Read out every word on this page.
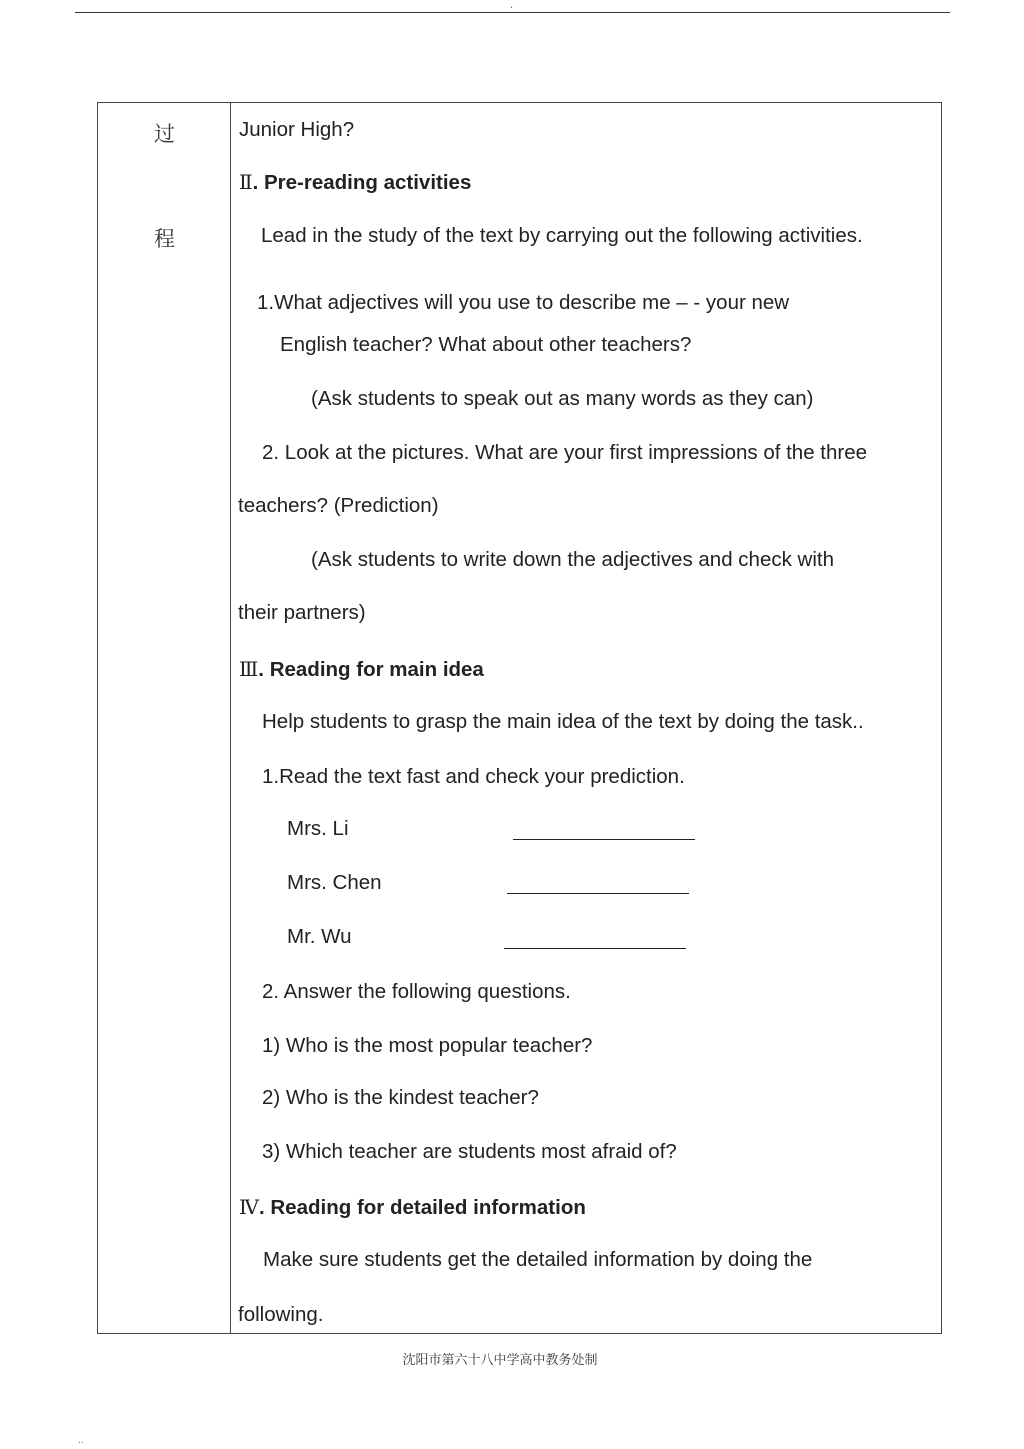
.
过
程
Junior High?
Ⅱ. Pre-reading activities
Lead in the study of the text by carrying out the following activities.
1.What adjectives will you use to describe me – - your new
English teacher? What about other teachers?
(Ask students to speak out as many words as they can)
2. Look at the pictures. What are your first impressions of the three
teachers? (Prediction)
(Ask students to write down the adjectives and check with
their partners)
Ⅲ. Reading for main idea
Help students to grasp the main idea of the text by doing the task..
1.Read the text fast and check your prediction.
Mrs. Li
Mrs. Chen
Mr. Wu
2. Answer the following questions.
1) Who is the most popular teacher?
2) Who is the kindest teacher?
3) Which teacher are students most afraid of?
Ⅳ. Reading for detailed information
Make sure students get the detailed information by doing the
following.
沈阳市第六十八中学高中教务处制
..
